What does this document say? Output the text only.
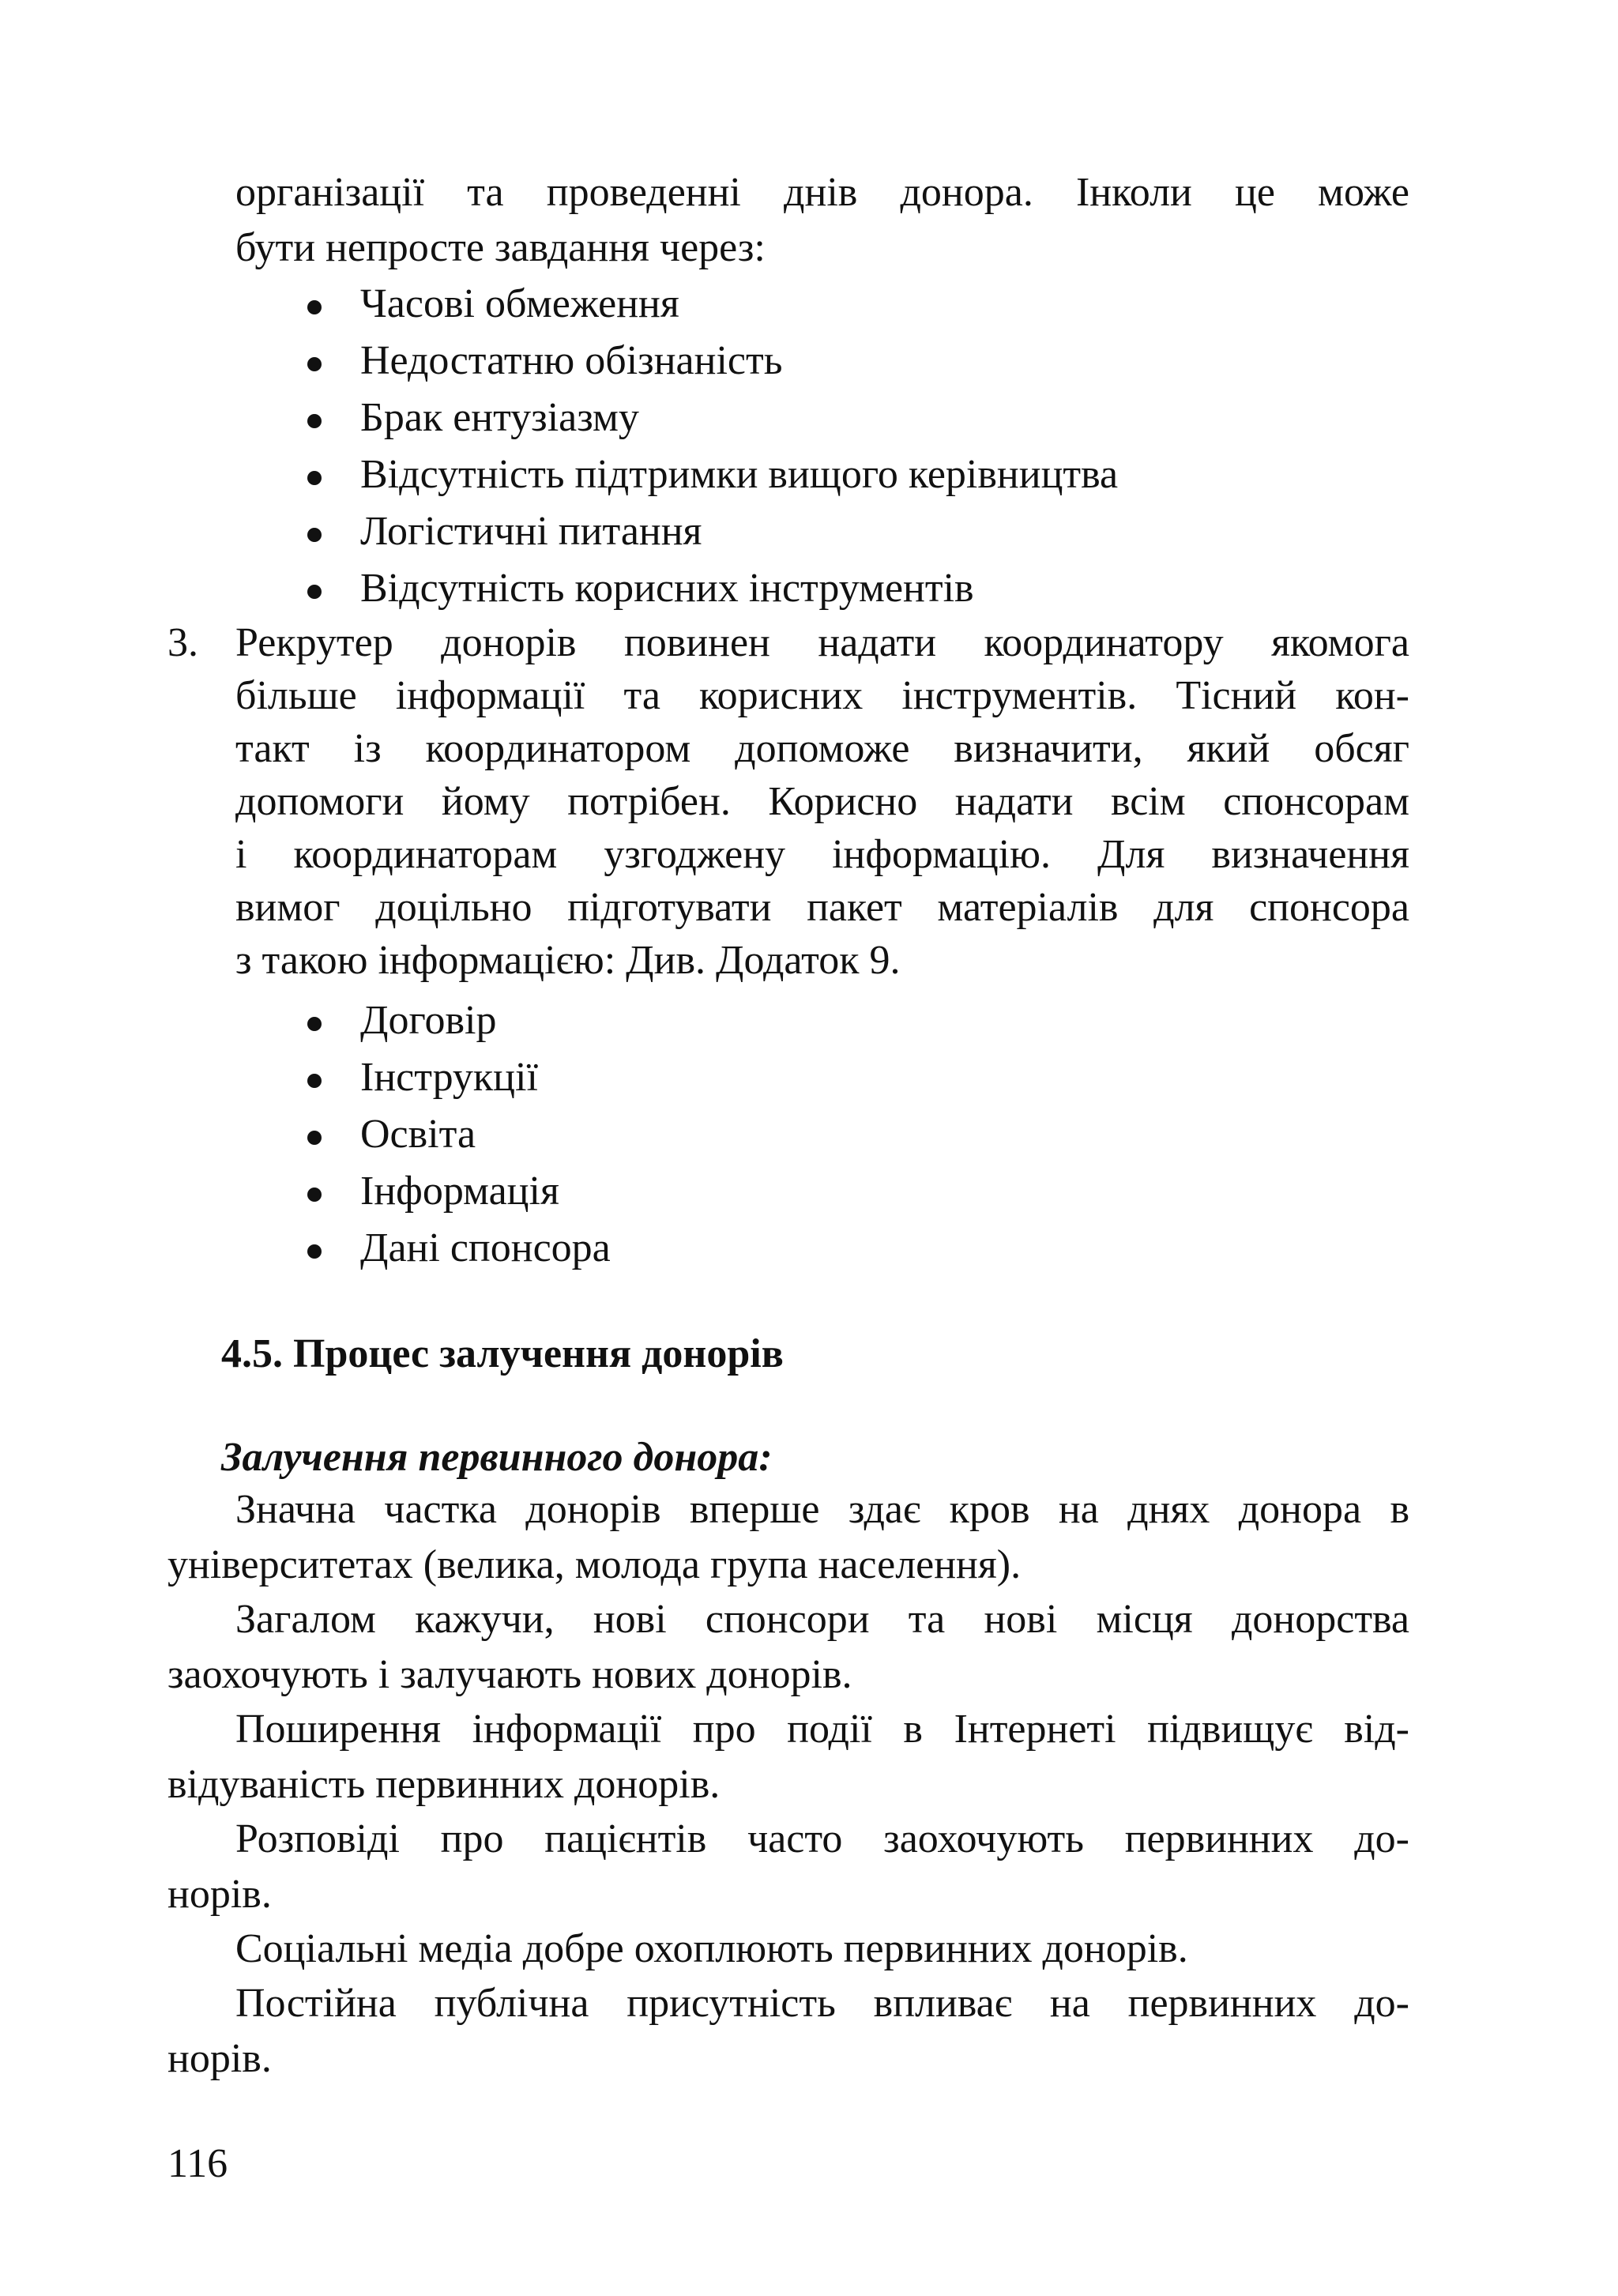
організації та проведенні днів донора. Інколи це може
бути непросте завдання через:
Часові обмеження
Недостатню обізнаність
Брак ентузіазму
Відсутність підтримки вищого керівництва
Логістичні питання
Відсутність корисних інструментів
3. Рекрутер донорів повинен надати координатору якомога
більше інформації та корисних інструментів. Тісний кон-
такт із координатором допоможе визначити, який обсяг
допомоги йому потрібен. Корисно надати всім спонсорам
і координаторам узгоджену інформацію. Для визначення
вимог доцільно підготувати пакет матеріалів для спонсора
з такою інформацією: Див. Додаток 9.
Договір
Інструкції
Освіта
Інформація
Дані спонсора
4.5. Процес залучення донорів
Залучення первинного донора:
Значна частка донорів вперше здає кров на днях донора в
університетах (велика, молода група населення).
Загалом кажучи, нові спонсори та нові місця донорства
заохочують і залучають нових донорів.
Поширення інформації про події в Інтернеті підвищує від-
відуваність первинних донорів.
Розповіді про пацієнтів часто заохочують первинних до-
норів.
Соціальні медіа добре охоплюють первинних донорів.
Постійна публічна присутність впливає на первинних до-
норів.
116
